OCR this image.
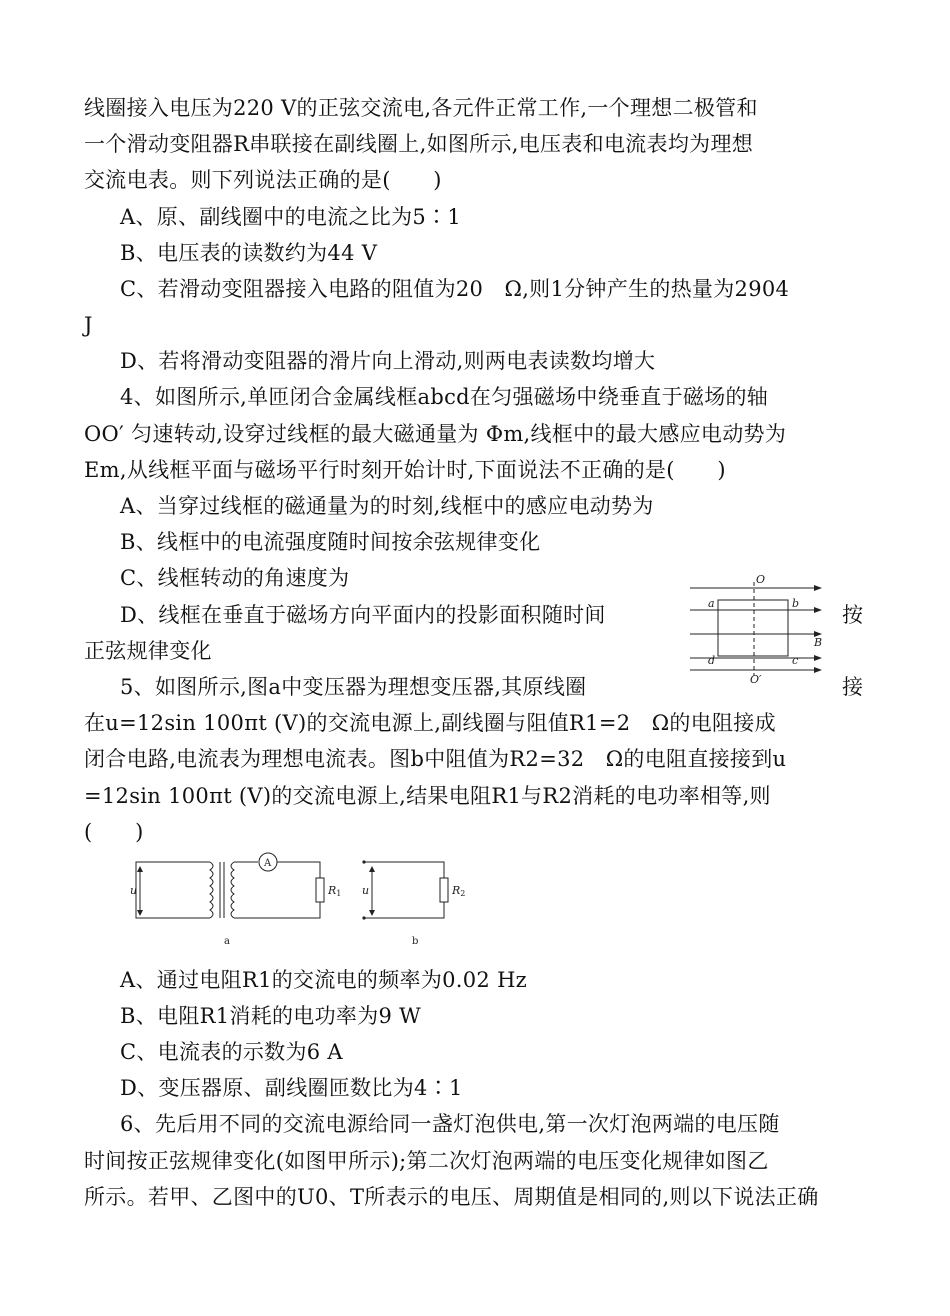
线圈接入电压为220 V的正弦交流电,各元件正常工作,一个理想二极管和
一个滑动变阻器R串联接在副线圈上,如图所示,电压表和电流表均为理想
交流电表。则下列说法正确的是(　　)
A、原、副线圈中的电流之比为5∶1
B、电压表的读数约为44 V
C、若滑动变阻器接入电路的阻值为20　Ω,则1分钟产生的热量为2904
J
D、若将滑动变阻器的滑片向上滑动,则两电表读数均增大
4、如图所示,单匝闭合金属线框abcd在匀强磁场中绕垂直于磁场的轴
OO′ 匀速转动,设穿过线框的最大磁通量为 Φm,线框中的最大感应电动势为
Em,从线框平面与磁场平行时刻开始计时,下面说法不正确的是(　　)
A、当穿过线框的磁通量为的时刻,线框中的感应电动势为
B、线框中的电流强度随时间按余弦规律变化
C、线框转动的角速度为
D、线框在垂直于磁场方向平面内的投影面积随时间	按
正弦规律变化
5、如图所示,图a中变压器为理想变压器,其原线圈	接
在u=12sin 100πt (V)的交流电源上,副线圈与阻值R1=2　Ω的电阻接成
闭合电路,电流表为理想电流表。图b中阻值为R2=32　Ω的电阻直接接到u
=12sin 100πt (V)的交流电源上,结果电阻R1与R2消耗的电功率相等,则
(　　)
A、通过电阻R1的交流电的频率为0.02 Hz
B、电阻R1消耗的电功率为9 W
C、电流表的示数为6 A
D、变压器原、副线圈匝数比为4∶1
6、先后用不同的交流电源给同一盏灯泡供电,第一次灯泡两端的电压随
时间按正弦规律变化(如图甲所示);第二次灯泡两端的电压变化规律如图乙
所示。若甲、乙图中的U0、T所表示的电压、周期值是相同的,则以下说法正确
O
O′
a	b
c
d
B
u
A
R1
a
u	R2
b
